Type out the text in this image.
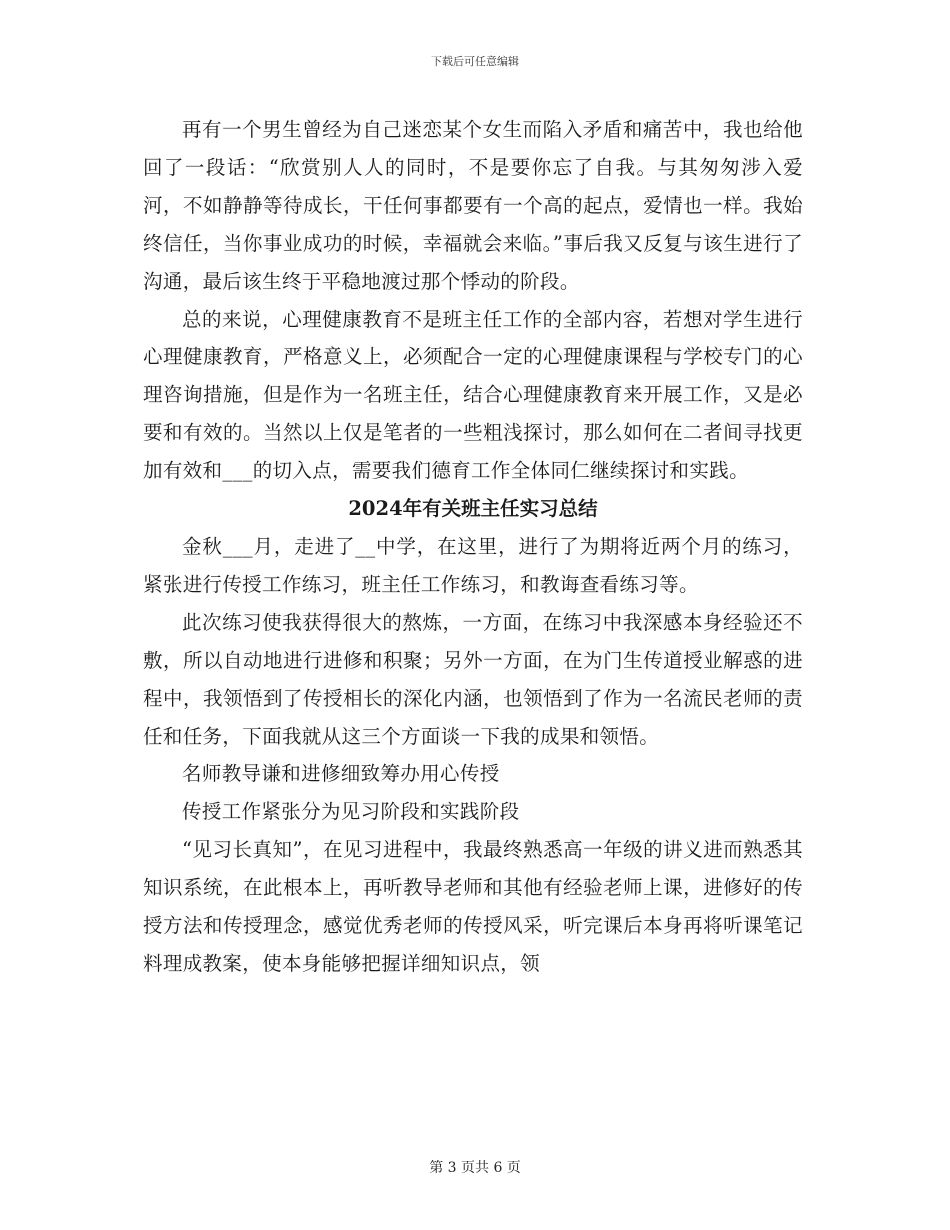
下载后可任意编辑

再有一个男生曾经为自己迷恋某个女生而陷入矛盾和痛苦中，我也给他回了一段话：“欣赏别人人的同时，不是要你忘了自我。与其匆匆涉入爱河，不如静静等待成长，干任何事都要有一个高的起点，爱情也一样。我始终信任，当你事业成功的时候，幸福就会来临。”事后我又反复与该生进行了沟通，最后该生终于平稳地渡过那个悸动的阶段。

总的来说，心理健康教育不是班主任工作的全部内容，若想对学生进行心理健康教育，严格意义上，必须配合一定的心理健康课程与学校专门的心理咨询措施，但是作为一名班主任，结合心理健康教育来开展工作，又是必要和有效的。当然以上仅是笔者的一些粗浅探讨，那么如何在二者间寻找更加有效和___的切入点，需要我们德育工作全体同仁继续探讨和实践。

2024年有关班主任实习总结

金秋___月，走进了__中学，在这里，进行了为期将近两个月的练习，紧张进行传授工作练习，班主任工作练习，和教诲查看练习等。

此次练习使我获得很大的熬炼，一方面，在练习中我深感本身经验还不敷，所以自动地进行进修和积聚；另外一方面，在为门生传道授业解惑的进程中，我领悟到了传授相长的深化内涵，也领悟到了作为一名流民老师的责任和任务，下面我就从这三个方面谈一下我的成果和领悟。

名师教导谦和进修细致筹办用心传授

传授工作紧张分为见习阶段和实践阶段

“见习长真知”，在见习进程中，我最终熟悉高一年级的讲义进而熟悉其知识系统，在此根本上，再听教导老师和其他有经验老师上课，进修好的传授方法和传授理念，感觉优秀老师的传授风采，听完课后本身再将听课笔记料理成教案，使本身能够把握详细知识点，领

第 3 页共 6 页
